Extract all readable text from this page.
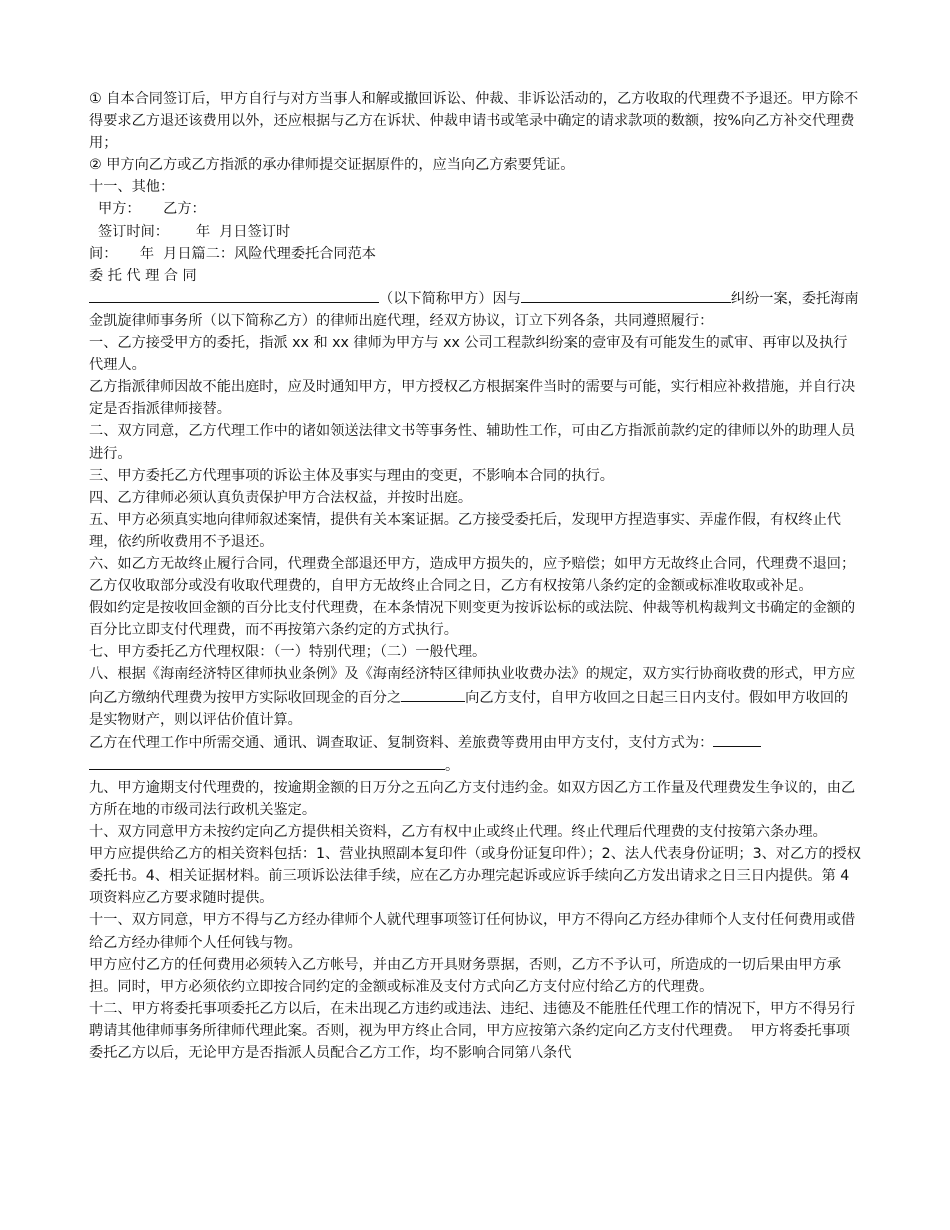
① 自本合同签订后，甲方自行与对方当事人和解或撤回诉讼、仲裁、非诉讼活动的，乙方收取的代理费不予退还。甲方除不得要求乙方退还该费用以外，还应根据与乙方在诉状、仲裁申请书或笔录中确定的请求款项的数额，按%向乙方补交代理费用；

② 甲方向乙方或乙方指派的承办律师提交证据原件的，应当向乙方索要凭证。

十一、其他：

甲方：     乙方：

签订时间：      年  月日签订时

间：     年  月日篇二：风险代理委托合同范本

委 托 代 理 合 同

（以下简称甲方）因与	纠纷一案，委托海南金凯旋律师事务所（以下简称乙方）的律师出庭代理，经双方协议，订立下列各条，共同遵照履行：

一、乙方接受甲方的委托，指派 xx 和 xx 律师为甲方与 xx 公司工程款纠纷案的壹审及有可能发生的贰审、再审以及执行代理人。

乙方指派律师因故不能出庭时，应及时通知甲方，甲方授权乙方根据案件当时的需要与可能，实行相应补救措施，并自行决定是否指派律师接替。

二、双方同意，乙方代理工作中的诸如领送法律文书等事务性、辅助性工作，可由乙方指派前款约定的律师以外的助理人员进行。

三、甲方委托乙方代理事项的诉讼主体及事实与理由的变更，不影响本合同的执行。

四、乙方律师必须认真负责保护甲方合法权益，并按时出庭。

五、甲方必须真实地向律师叙述案情，提供有关本案证据。乙方接受委托后，发现甲方捏造事实、弄虚作假，有权终止代理，依约所收费用不予退还。

六、如乙方无故终止履行合同，代理费全部退还甲方，造成甲方损失的，应予赔偿；如甲方无故终止合同，代理费不退回；乙方仅收取部分或没有收取代理费的，自甲方无故终止合同之日，乙方有权按第八条约定的金额或标准收取或补足。

假如约定是按收回金额的百分比支付代理费，在本条情况下则变更为按诉讼标的或法院、仲裁等机构裁判文书确定的金额的百分比立即支付代理费，而不再按第六条约定的方式执行。

七、甲方委托乙方代理权限：（一）特别代理；（二）一般代理。

八、根据《海南经济特区律师执业条例》及《海南经济特区律师执业收费办法》的规定，双方实行协商收费的形式，甲方应向乙方缴纳代理费为按甲方实际收回现金的百分之	向乙方支付，自甲方收回之日起三日内支付。假如甲方收回的是实物财产，则以评估价值计算。

乙方在代理工作中所需交通、通讯、调查取证、复制资料、差旅费等费用由甲方支付，支付方式为：。

九、甲方逾期支付代理费的，按逾期金额的日万分之五向乙方支付违约金。如双方因乙方工作量及代理费发生争议的，由乙方所在地的市级司法行政机关鉴定。

十、双方同意甲方未按约定向乙方提供相关资料，乙方有权中止或终止代理。终止代理后代理费的支付按第六条办理。

甲方应提供给乙方的相关资料包括：1、营业执照副本复印件（或身份证复印件）；2、法人代表身份证明；3、对乙方的授权委托书。4、相关证据材料。前三项诉讼法律手续，应在乙方办理完起诉或应诉手续向乙方发出请求之日三日内提供。第 4 项资料应乙方要求随时提供。

十一、双方同意，甲方不得与乙方经办律师个人就代理事项签订任何协议，甲方不得向乙方经办律师个人支付任何费用或借给乙方经办律师个人任何钱与物。

甲方应付乙方的任何费用必须转入乙方帐号，并由乙方开具财务票据，否则，乙方不予认可，所造成的一切后果由甲方承担。同时，甲方必须依约立即按合同约定的金额或标准及支付方式向乙方支付应付给乙方的代理费。

十二、甲方将委托事项委托乙方以后，在未出现乙方违约或违法、违纪、违德及不能胜任代理工作的情况下，甲方不得另行聘请其他律师事务所律师代理此案。否则，视为甲方终止合同，甲方应按第六条约定向乙方支付代理费。  甲方将委托事项委托乙方以后，无论甲方是否指派人员配合乙方工作，均不影响合同第八条代
